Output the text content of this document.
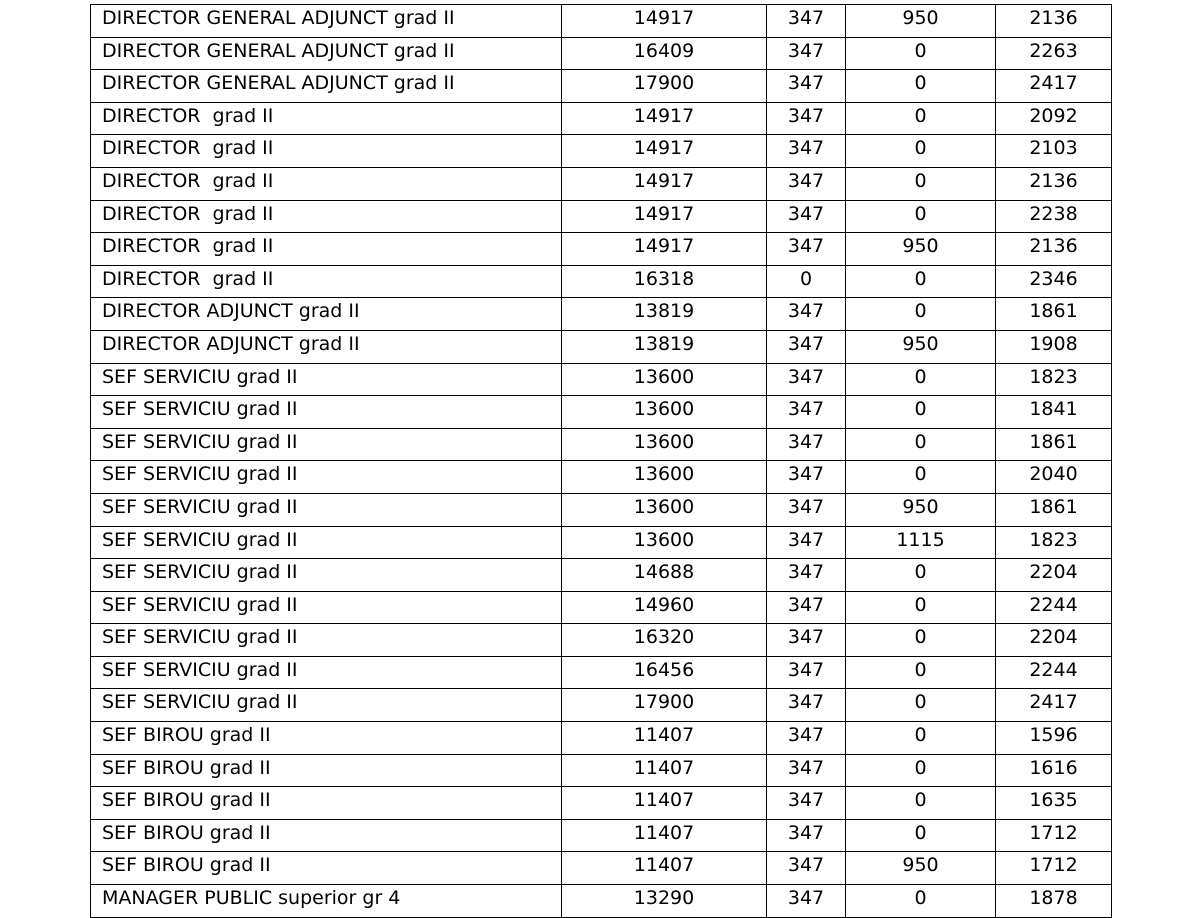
DIRECTOR GENERAL ADJUNCT grad II	14917	347	950	2136
DIRECTOR GENERAL ADJUNCT grad II	16409	347	0	2263
DIRECTOR GENERAL ADJUNCT grad II	17900	347	0	2417
DIRECTOR  grad II	14917	347	0	2092
DIRECTOR  grad II	14917	347	0	2103
DIRECTOR  grad II	14917	347	0	2136
DIRECTOR  grad II	14917	347	0	2238
DIRECTOR  grad II	14917	347	950	2136
DIRECTOR  grad II	16318	0	0	2346
DIRECTOR ADJUNCT grad II	13819	347	0	1861
DIRECTOR ADJUNCT grad II	13819	347	950	1908
SEF SERVICIU grad II	13600	347	0	1823
SEF SERVICIU grad II	13600	347	0	1841
SEF SERVICIU grad II	13600	347	0	1861
SEF SERVICIU grad II	13600	347	0	2040
SEF SERVICIU grad II	13600	347	950	1861
SEF SERVICIU grad II	13600	347	1115	1823
SEF SERVICIU grad II	14688	347	0	2204
SEF SERVICIU grad II	14960	347	0	2244
SEF SERVICIU grad II	16320	347	0	2204
SEF SERVICIU grad II	16456	347	0	2244
SEF SERVICIU grad II	17900	347	0	2417
SEF BIROU grad II	11407	347	0	1596
SEF BIROU grad II	11407	347	0	1616
SEF BIROU grad II	11407	347	0	1635
SEF BIROU grad II	11407	347	0	1712
SEF BIROU grad II	11407	347	950	1712
MANAGER PUBLIC superior gr 4	13290	347	0	1878
